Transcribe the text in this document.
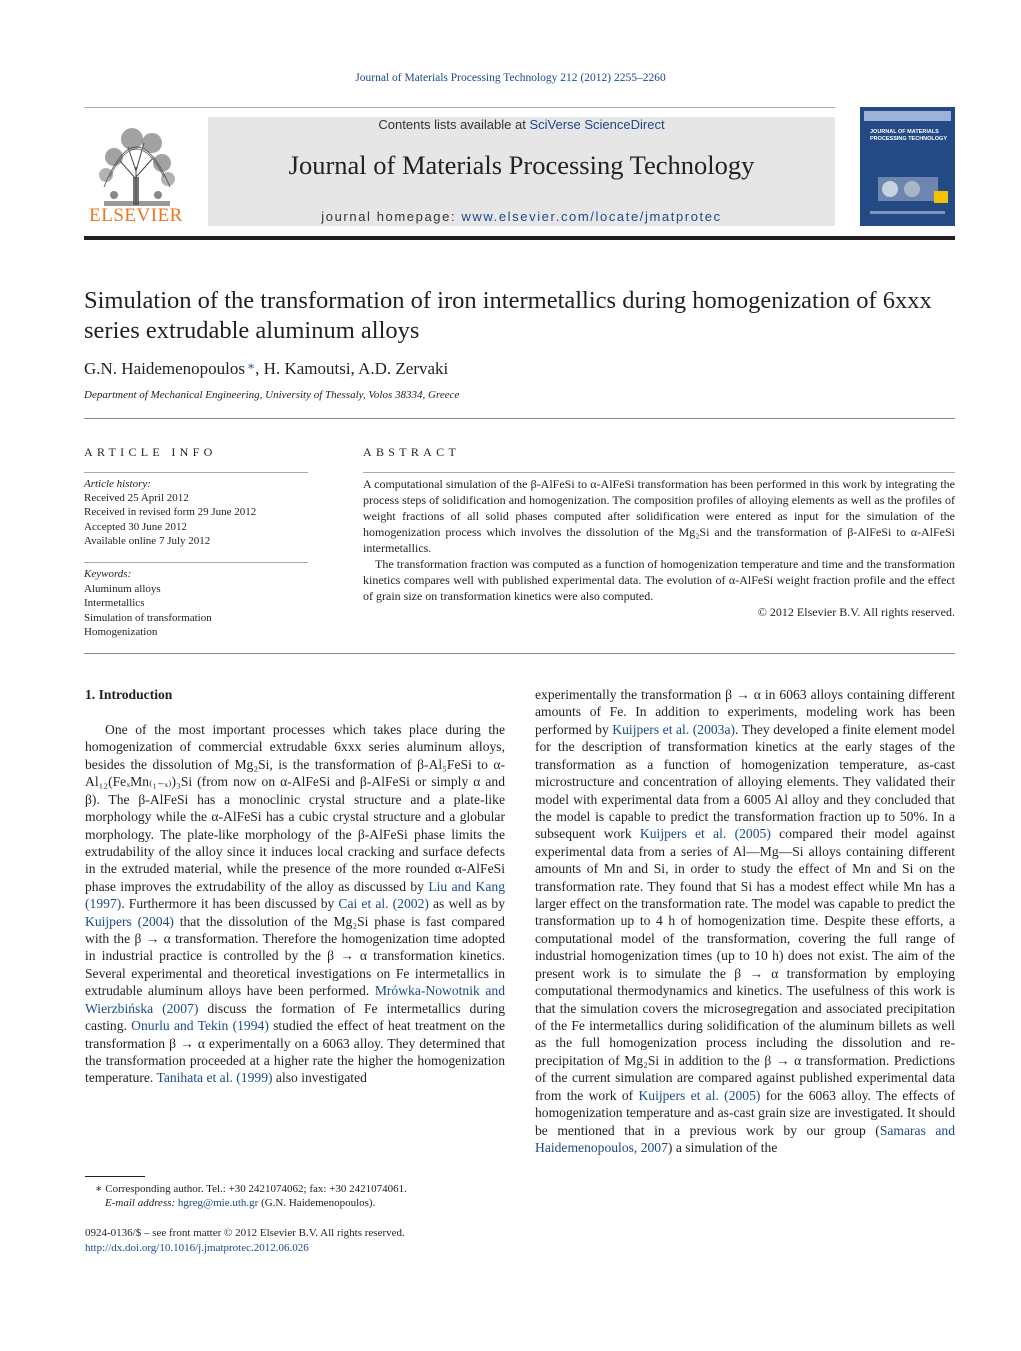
Journal of Materials Processing Technology 212 (2012) 2255–2260
ELSEVIER
Contents lists available at SciVerse ScienceDirect
Journal of Materials Processing Technology
journal homepage: www.elsevier.com/locate/jmatprotec
JOURNAL OF MATERIALS PROCESSING TECHNOLOGY
Simulation of the transformation of iron intermetallics during homogenization of 6xxx series extrudable aluminum alloys
G.N. Haidemenopoulos ∗, H. Kamoutsi, A.D. Zervaki
Department of Mechanical Engineering, University of Thessaly, Volos 38334, Greece
ARTICLE INFO	ABSTRACT
Article history:
Received 25 April 2012
Received in revised form 29 June 2012
Accepted 30 June 2012
Available online 7 July 2012
Keywords:
Aluminum alloys
Intermetallics
Simulation of transformation
Homogenization

A computational simulation of the β-AlFeSi to α-AlFeSi transformation has been performed in this work by integrating the process steps of solidification and homogenization. The composition profiles of alloying elements as well as the profiles of weight fractions of all solid phases computed after solidification were entered as input for the simulation of the homogenization process which involves the dissolution of the Mg₂Si and the transformation of β-AlFeSi to α-AlFeSi intermetallics.

The transformation fraction was computed as a function of homogenization temperature and time and the transformation kinetics compares well with published experimental data. The evolution of α-AlFeSi weight fraction profile and the effect of grain size on transformation kinetics were also computed.

© 2012 Elsevier B.V. All rights reserved.

1. Introduction

One of the most important processes which takes place during the homogenization of commercial extrudable 6xxx series aluminum alloys, besides the dissolution of Mg₂Si, is the transformation of β-Al₅FeSi to α-Al₁₂(FeₓMn₍₁₋ₓ₎)₃Si (from now on α-AlFeSi and β-AlFeSi or simply α and β). The β-AlFeSi has a monoclinic crystal structure and a plate-like morphology while the α-AlFeSi has a cubic crystal structure and a globular morphology. The plate-like morphology of the β-AlFeSi phase limits the extrudability of the alloy since it induces local cracking and surface defects in the extruded material, while the presence of the more rounded α-AlFeSi phase improves the extrudability of the alloy as discussed by Liu and Kang (1997). Furthermore it has been discussed by Cai et al. (2002) as well as by Kuijpers (2004) that the dissolution of the Mg₂Si phase is fast compared with the β → α transformation. Therefore the homogenization time adopted in industrial practice is controlled by the β → α transformation kinetics. Several experimental and theoretical investigations on Fe intermetallics in extrudable aluminum alloys have been performed. Mrówka-Nowotnik and Wierzbińska (2007) discuss the formation of Fe intermetallics during casting. Onurlu and Tekin (1994) studied the effect of heat treatment on the transformation β → α experimentally on a 6063 alloy. They determined that the transformation proceeded at a higher rate the higher the homogenization temperature. Tanihata et al. (1999) also investigated

experimentally the transformation β → α in 6063 alloys containing different amounts of Fe. In addition to experiments, modeling work has been performed by Kuijpers et al. (2003a). They developed a finite element model for the description of transformation kinetics at the early stages of the transformation as a function of homogenization temperature, as-cast microstructure and concentration of alloying elements. They validated their model with experimental data from a 6005 Al alloy and they concluded that the model is capable to predict the transformation fraction up to 50%. In a subsequent work Kuijpers et al. (2005) compared their model against experimental data from a series of Al—Mg—Si alloys containing different amounts of Mn and Si, in order to study the effect of Mn and Si on the transformation rate. They found that Si has a modest effect while Mn has a larger effect on the transformation rate. The model was capable to predict the transformation up to 4 h of homogenization time. Despite these efforts, a computational model of the transformation, covering the full range of industrial homogenization times (up to 10 h) does not exist. The aim of the present work is to simulate the β → α transformation by employing computational thermodynamics and kinetics. The usefulness of this work is that the simulation covers the microsegregation and associated precipitation of the Fe intermetallics during solidification of the aluminum billets as well as the full homogenization process including the dissolution and re-precipitation of Mg₂Si in addition to the β → α transformation. Predictions of the current simulation are compared against published experimental data from the work of Kuijpers et al. (2005) for the 6063 alloy. The effects of homogenization temperature and as-cast grain size are investigated. It should be mentioned that in a previous work by our group (Samaras and Haidemenopoulos, 2007) a simulation of the

∗ Corresponding author. Tel.: +30 2421074062; fax: +30 2421074061.
E-mail address: hgreg@mie.uth.gr (G.N. Haidemenopoulos).
0924-0136/$ – see front matter © 2012 Elsevier B.V. All rights reserved.
http://dx.doi.org/10.1016/j.jmatprotec.2012.06.026
